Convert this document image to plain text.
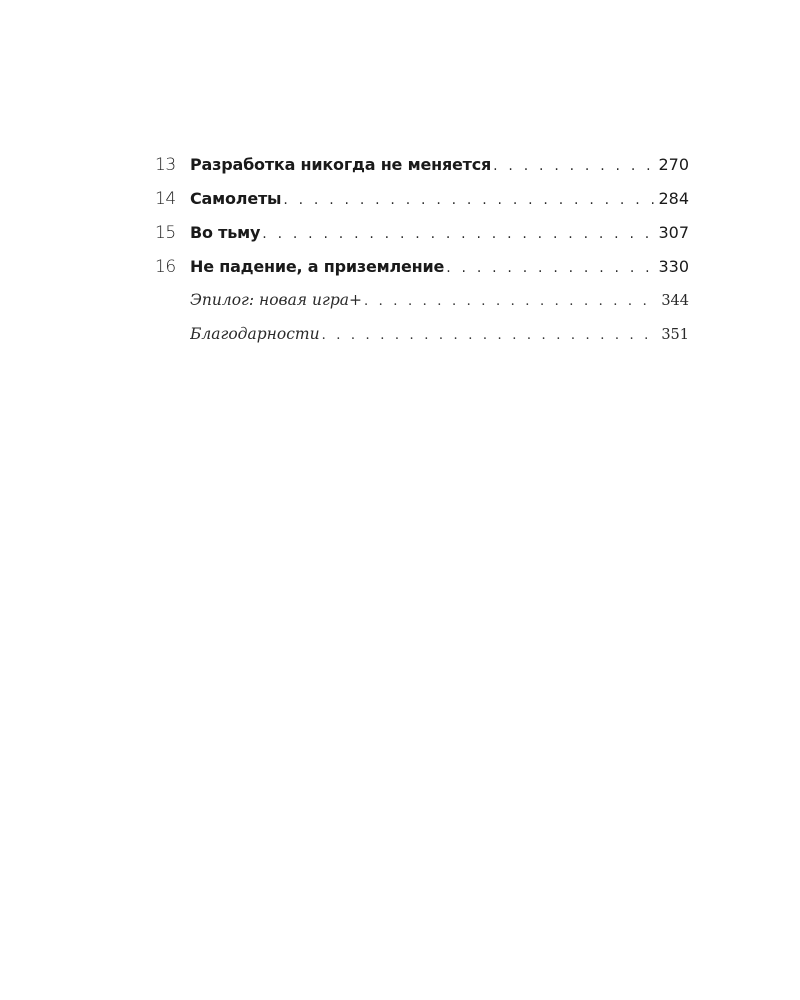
13 Разработка никогда не меняется . . .	270
14 Самолеты . . .	284
15 Во тьму . . .	307
16 Не падение, а приземление . . .	330
Эпилог: новая игра+ . . .	344
Благодарности . . .	351
